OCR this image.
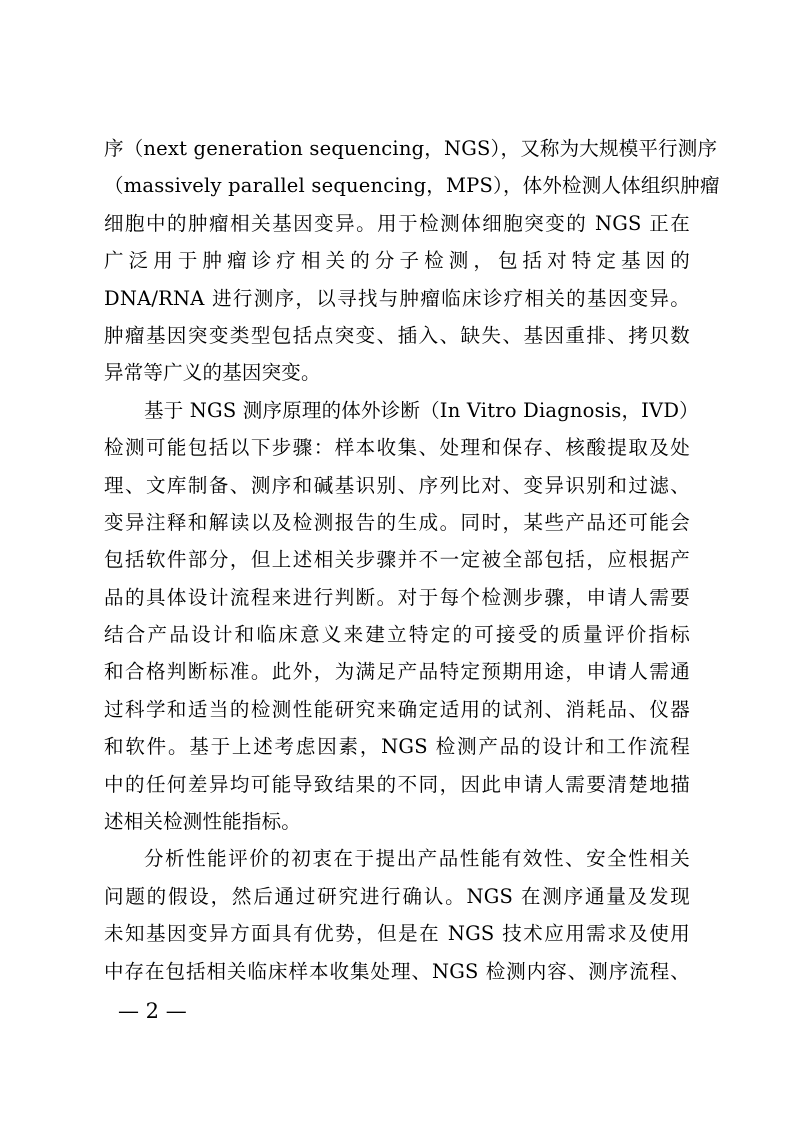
序（next generation sequencing，NGS），又称为大规模平行测序
（massively parallel sequencing，MPS），体外检测人体组织肿瘤
细胞中的肿瘤相关基因变异。用于检测体细胞突变的 NGS 正在
广泛用于肿瘤诊疗相关的分子检测，包括对特定基因的
DNA/RNA 进行测序，以寻找与肿瘤临床诊疗相关的基因变异。
肿瘤基因突变类型包括点突变、插入、缺失、基因重排、拷贝数
异常等广义的基因突变。
基于 NGS 测序原理的体外诊断（In Vitro Diagnosis，IVD）
检测可能包括以下步骤：样本收集、处理和保存、核酸提取及处
理、文库制备、测序和碱基识别、序列比对、变异识别和过滤、
变异注释和解读以及检测报告的生成。同时，某些产品还可能会
包括软件部分，但上述相关步骤并不一定被全部包括，应根据产
品的具体设计流程来进行判断。对于每个检测步骤，申请人需要
结合产品设计和临床意义来建立特定的可接受的质量评价指标
和合格判断标准。此外，为满足产品特定预期用途，申请人需通
过科学和适当的检测性能研究来确定适用的试剂、消耗品、仪器
和软件。基于上述考虑因素，NGS 检测产品的设计和工作流程
中的任何差异均可能导致结果的不同，因此申请人需要清楚地描
述相关检测性能指标。
分析性能评价的初衷在于提出产品性能有效性、安全性相关
问题的假设，然后通过研究进行确认。NGS 在测序通量及发现
未知基因变异方面具有优势，但是在 NGS 技术应用需求及使用
中存在包括相关临床样本收集处理、NGS 检测内容、测序流程、
— 2 —
